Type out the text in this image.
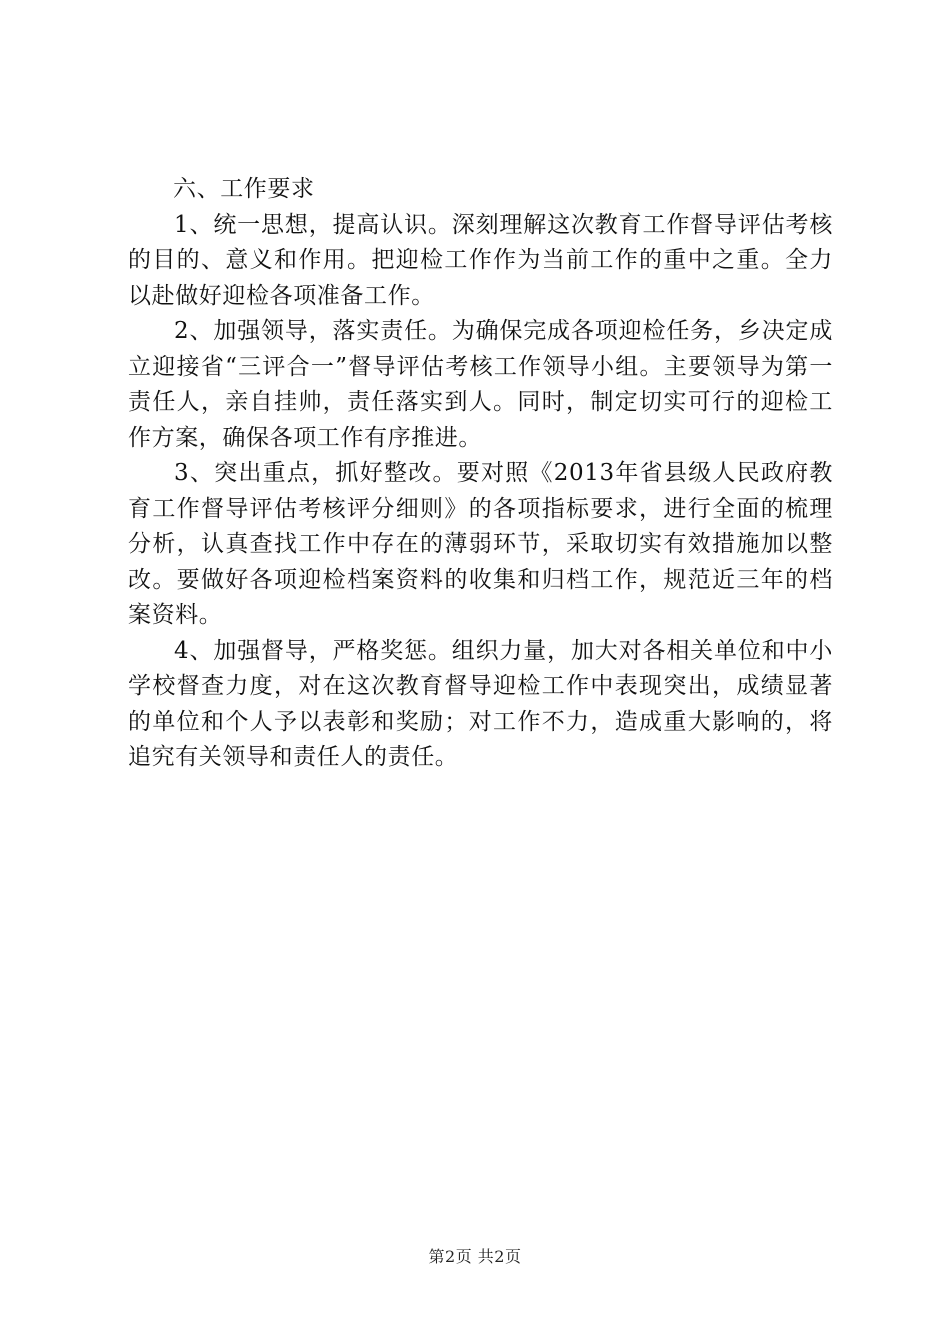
六、工作要求

1、统一思想，提高认识。深刻理解这次教育工作督导评估考核的目的、意义和作用。把迎检工作作为当前工作的重中之重。全力以赴做好迎检各项准备工作。

2、加强领导，落实责任。为确保完成各项迎检任务，乡决定成立迎接省“三评合一”督导评估考核工作领导小组。主要领导为第一责任人，亲自挂帅，责任落实到人。同时，制定切实可行的迎检工作方案，确保各项工作有序推进。

3、突出重点，抓好整改。要对照《2013年省县级人民政府教育工作督导评估考核评分细则》的各项指标要求，进行全面的梳理分析，认真查找工作中存在的薄弱环节，采取切实有效措施加以整改。要做好各项迎检档案资料的收集和归档工作，规范近三年的档案资料。

4、加强督导，严格奖惩。组织力量，加大对各相关单位和中小学校督查力度，对在这次教育督导迎检工作中表现突出，成绩显著的单位和个人予以表彰和奖励；对工作不力，造成重大影响的，将追究有关领导和责任人的责任。

第2页 共2页
